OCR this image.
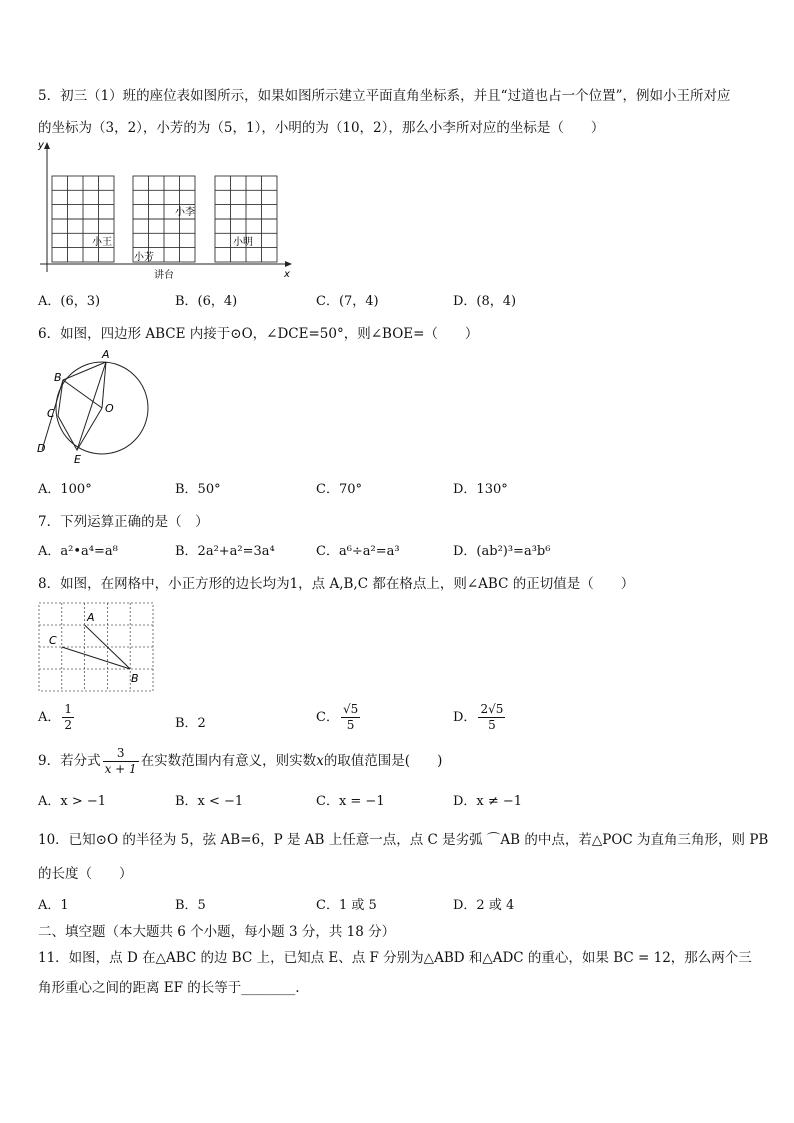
5．初三（1）班的座位表如图所示，如果如图所示建立平面直角坐标系，并且“过道也占一个位置”，例如小王所对应
的坐标为（3，2），小芳的为（5，1），小明的为（10，2），那么小李所对应的坐标是（　　）
y
x
小王
小芳
小李
小明
讲台
A．(6，3)	B．(6，4)	C．(7，4)	D．(8，4)
6．如图，四边形 ABCE 内接于⊙O，∠DCE=50°，则∠BOE=（　　）
A
B
C
D
E
O
A．100°	B．50°	C．70°	D．130°
7．下列运算正确的是（　）
A．a²•a⁴=a⁸	B．2a²+a²=3a⁴	C．a⁶÷a²=a³	D．(ab²)³=a³b⁶
8．如图，在网格中，小正方形的边长均为1，点 A,B,C 都在格点上，则∠ABC 的正切值是（　　）
A
B
C
A． $\frac{1}{2}$	B．2	C． $\frac{√5}{5}$	D． $\frac{2√5}{5}$
9．若分式 $\frac{3}{x + 1}$ 在实数范围内有意义，则实数x的取值范围是(　　)
A．x > −1	B．x < −1	C．x = −1	D．x ≠ −1
10．已知⊙O 的半径为 5，弦 AB=6，P 是 AB 上任意一点，点 C 是劣弧 ⌒AB 的中点，若△POC 为直角三角形，则 PB
的长度（　　）
A．1	B．5	C．1 或 5	D．2 或 4
二、填空题（本大题共 6 个小题，每小题 3 分，共 18 分）
11．如图，点 D 在△ABC 的边 BC 上，已知点 E、点 F 分别为△ABD 和△ADC 的重心，如果 BC = 12，那么两个三
角形重心之间的距离 EF 的长等于________.
